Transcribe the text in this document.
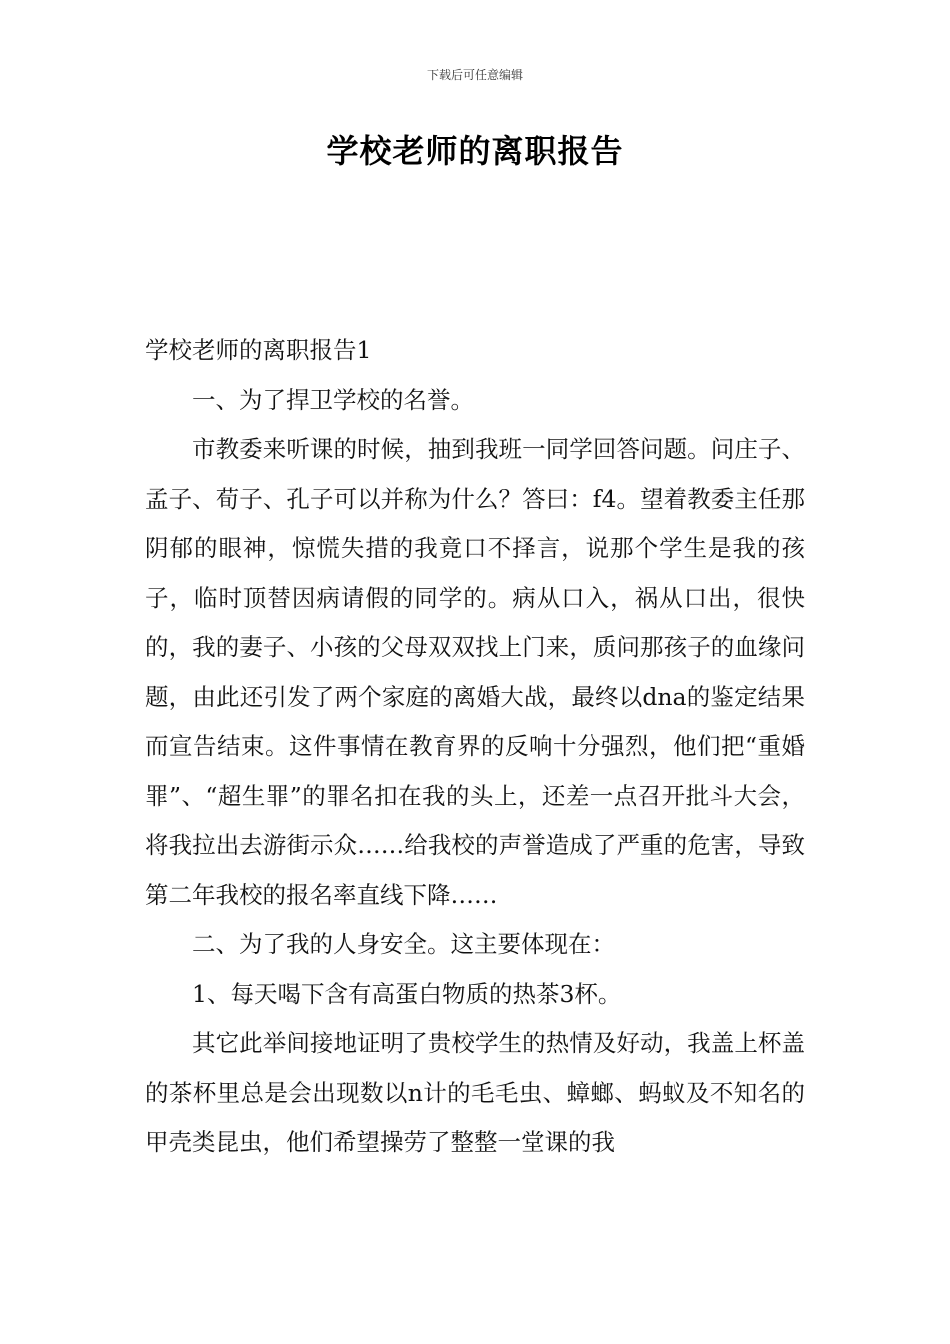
下载后可任意编辑
学校老师的离职报告

学校老师的离职报告1

一、为了捍卫学校的名誉。

市教委来听课的时候，抽到我班一同学回答问题。问庄子、孟子、荀子、孔子可以并称为什么？答曰：f4。望着教委主任那阴郁的眼神，惊慌失措的我竟口不择言，说那个学生是我的孩子，临时顶替因病请假的同学的。病从口入，祸从口出，很快的，我的妻子、小孩的父母双双找上门来，质问那孩子的血缘问题，由此还引发了两个家庭的离婚大战，最终以dna的鉴定结果而宣告结束。这件事情在教育界的反响十分强烈，他们把“重婚罪”、“超生罪”的罪名扣在我的头上，还差一点召开批斗大会，将我拉出去游街示众……给我校的声誉造成了严重的危害，导致第二年我校的报名率直线下降……

二、为了我的人身安全。这主要体现在：

1、每天喝下含有高蛋白物质的热茶3杯。

其它此举间接地证明了贵校学生的热情及好动，我盖上杯盖的茶杯里总是会出现数以n计的毛毛虫、蟑螂、蚂蚁及不知名的甲壳类昆虫，他们希望操劳了整整一堂课的我
